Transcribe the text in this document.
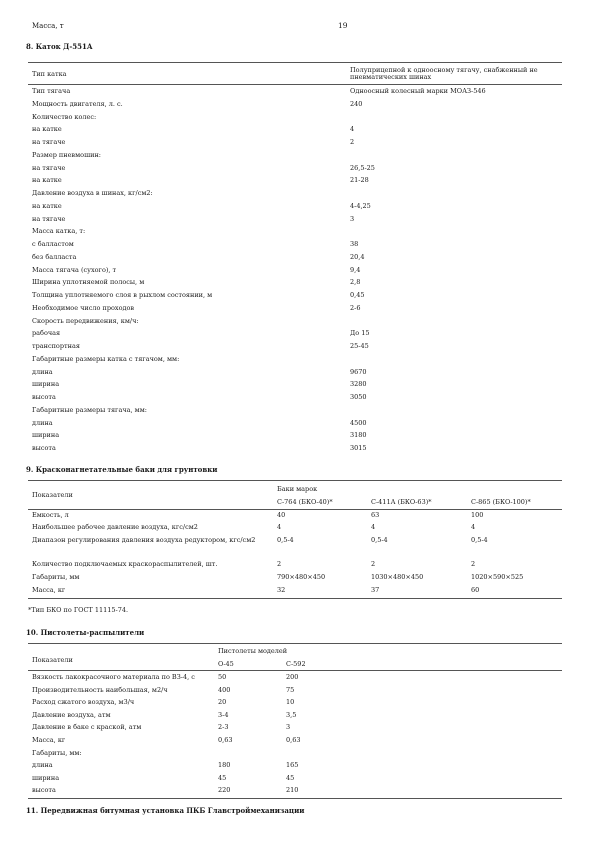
Масса, т	19
8. Каток Д-551А
Тип катка	Полуприцепной к одноосному тягачу, снабженный не пневматических шинах
Тип тягача	Одноосный колесный марки МОАЗ-546
Мощность двигателя, л. с.	240
Количество колес:
на катке	4
на тягаче	2
Размер пневмошин:
на тягаче	26,5-25
на катке	21-28
Давление воздуха в шинах, кг/см2:
на катке	4-4,25
на тягаче	3
Масса катка, т:
с балластом	38
без балласта	20,4
Масса тягача (сухого), т	9,4
Ширина уплотняемой полосы, м	2,8
Толщина уплотняемого слоя в рыхлом состоянии, м	0,45
Необходимое число проходов	2-6
Скорость передвижения, км/ч:
рабочая	До 15
транспортная	25-45
Габаритные размеры катка с тягачом, мм:
длина	9670
ширина	3280
высота	3050
Габаритные размеры тягача, мм:
длина	4500
ширина	3180
высота	3015
9. Красконагнетательные баки для грунтовки
Показатели
Баки марок
С-764 (БКО-40)*	С-411А (БКО-63)*	С-865 (БКО-100)*
Емкость, л	40	63	100
Наибольшее рабочее давление воздуха, кгс/см2	4	4	4
Диапазон регулирования давления воздуха редуктором, кгс/см2	0,5-4	0,5-4	0,5-4
Количество подключаемых краскораспылителей, шт.	2	2	2
Габариты, мм	790×480×450	1030×480×450	1020×590×525
Масса, кг	32	37	60
*Тип БКО по ГОСТ 11115-74.
10. Пистолеты-распылители
Показатели
Пистолеты моделей
О-45	С-592
Вязкость лакокрасочного материала по ВЗ-4, с	50	200
Производительность наибольшая, м2/ч	400	75
Расход сжатого воздуха, м3/ч	20	10
Давление воздуха, атм	3-4	3,5
Давление в баке с краской, атм	2-3	3
Масса, кг	0,63	0,63
Габариты, мм:
длина	180	165
ширина	45	45
высота	220	210
11. Передвижная битумная установка ПКБ Главстроймеханизации
